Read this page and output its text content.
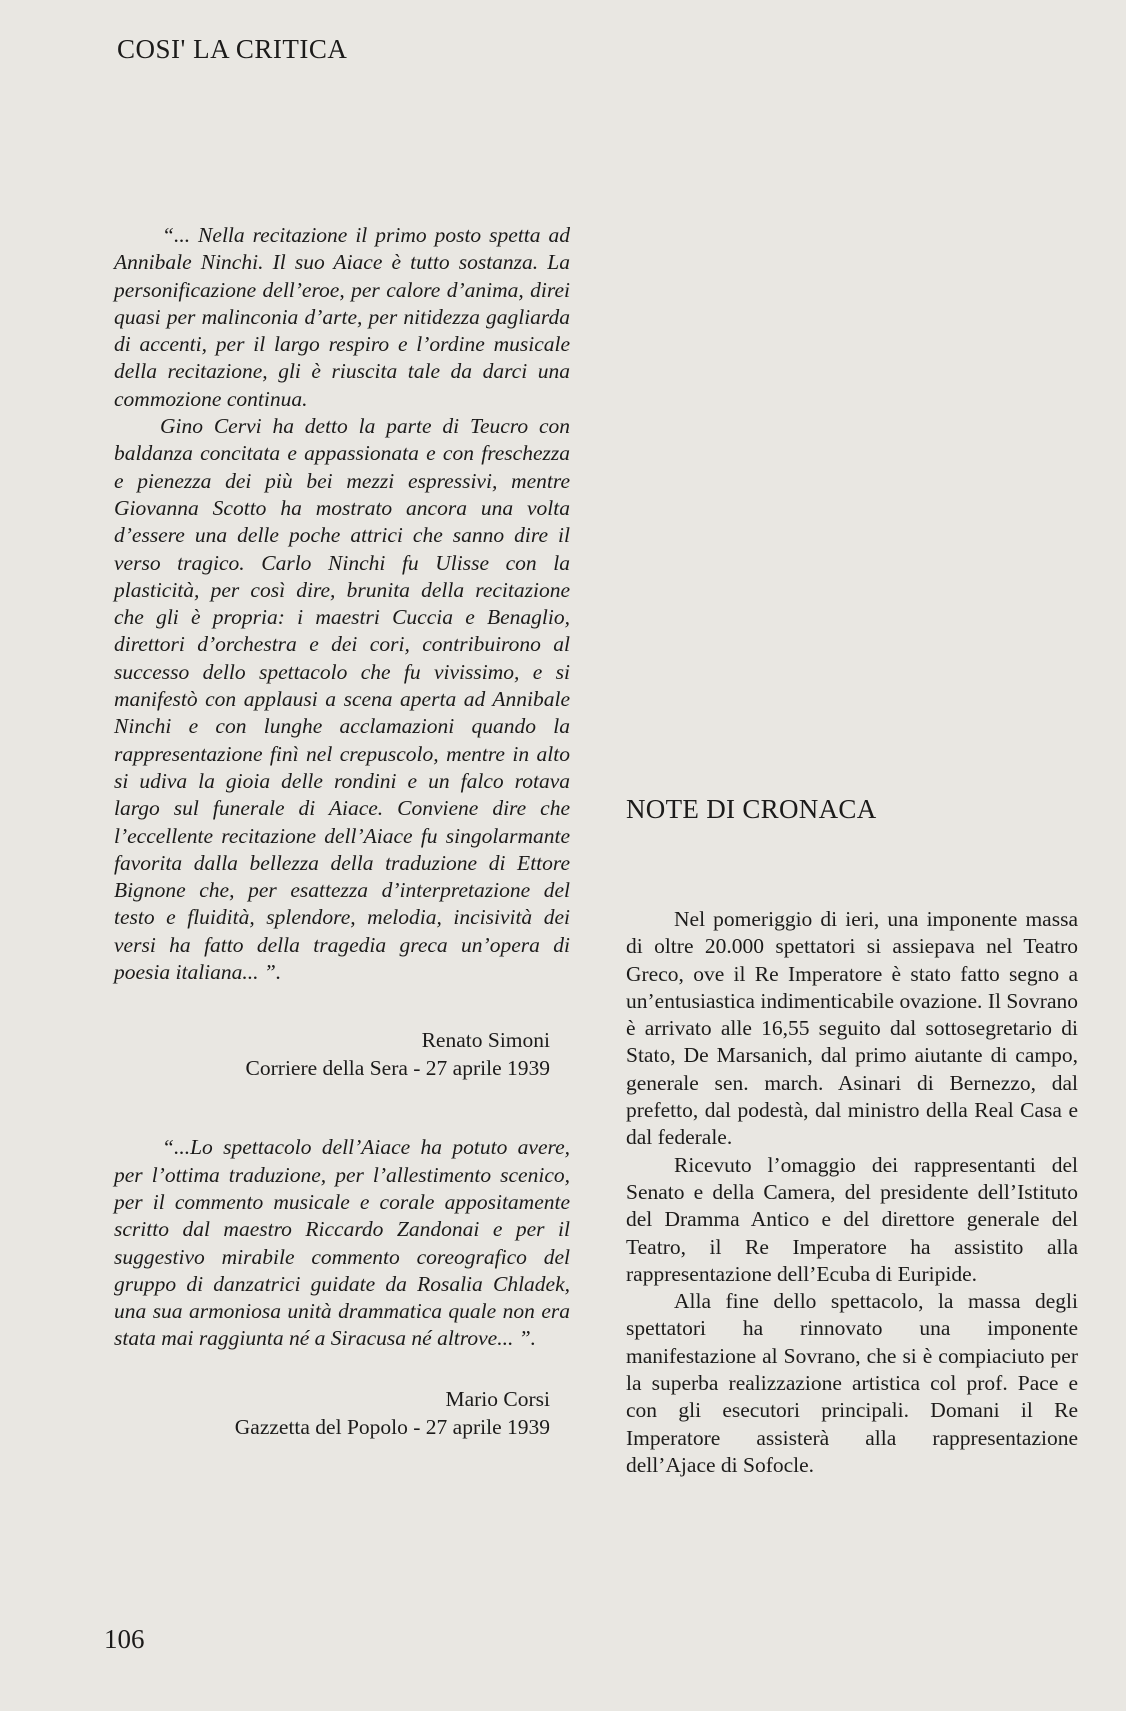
COSI' LA CRITICA

“... Nella recitazione il primo posto spetta ad Annibale Ninchi. Il suo Aiace è tutto sostanza. La personificazione dell’eroe, per calore d’anima, direi quasi per malinconia d’arte, per nitidezza gagliarda di accenti, per il largo respiro e l’ordine musicale della recitazione, gli è riuscita tale da darci una commozione continua.

Gino Cervi ha detto la parte di Teucro con baldanza concitata e appassionata e con freschezza e pienezza dei più bei mezzi espressivi, mentre Giovanna Scotto ha mostrato ancora una volta d’essere una delle poche attrici che sanno dire il verso tragico. Carlo Ninchi fu Ulisse con la plasticità, per così dire, brunita della recitazione che gli è propria: i maestri Cuccia e Benaglio, direttori d’orchestra e dei cori, contribuirono al successo dello spettacolo che fu vivissimo, e si manifestò con applausi a scena aperta ad Annibale Ninchi e con lunghe acclamazioni quando la rappresentazione finì nel crepuscolo, mentre in alto si udiva la gioia delle rondini e un falco rotava largo sul funerale di Aiace. Conviene dire che l’eccellente recitazione dell’Aiace fu singolarmante favorita dalla bellezza della traduzione di Ettore Bignone che, per esattezza d’interpretazione del testo e fluidità, splendore, melodia, incisività dei versi ha fatto della tragedia greca un’opera di poesia italiana... ”.

Renato Simoni

Corriere della Sera - 27 aprile 1939

“...Lo spettacolo dell’Aiace ha potuto avere, per l’ottima traduzione, per l’allestimento scenico, per il commento musicale e corale appositamente scritto dal maestro Riccardo Zandonai e per il suggestivo mirabile commento coreografico del gruppo di danzatrici guidate da Rosalia Chladek, una sua armoniosa unità drammatica quale non era stata mai raggiunta né a Siracusa né altrove... ”.

Mario Corsi

Gazzetta del Popolo - 27 aprile 1939

NOTE DI CRONACA

Nel pomeriggio di ieri, una imponente massa di oltre 20.000 spettatori si assiepava nel Teatro Greco, ove il Re Imperatore è stato fatto segno a un’entusiastica indimenticabile ovazione. Il Sovrano è arrivato alle 16,55 seguito dal sottosegretario di Stato, De Marsanich, dal primo aiutante di campo, generale sen. march. Asinari di Bernezzo, dal prefetto, dal podestà, dal ministro della Real Casa e dal federale.

Ricevuto l’omaggio dei rappresentanti del Senato e della Camera, del presidente dell’Istituto del Dramma Antico e del direttore generale del Teatro, il Re Imperatore ha assistito alla rappresentazione dell’Ecuba di Euripide.

Alla fine dello spettacolo, la massa degli spettatori ha rinnovato una imponente manifestazione al Sovrano, che si è compiaciuto per la superba realizzazione artistica col prof. Pace e con gli esecutori principali. Domani il Re Imperatore assisterà alla rappresentazione dell’Ajace di Sofocle.

106
